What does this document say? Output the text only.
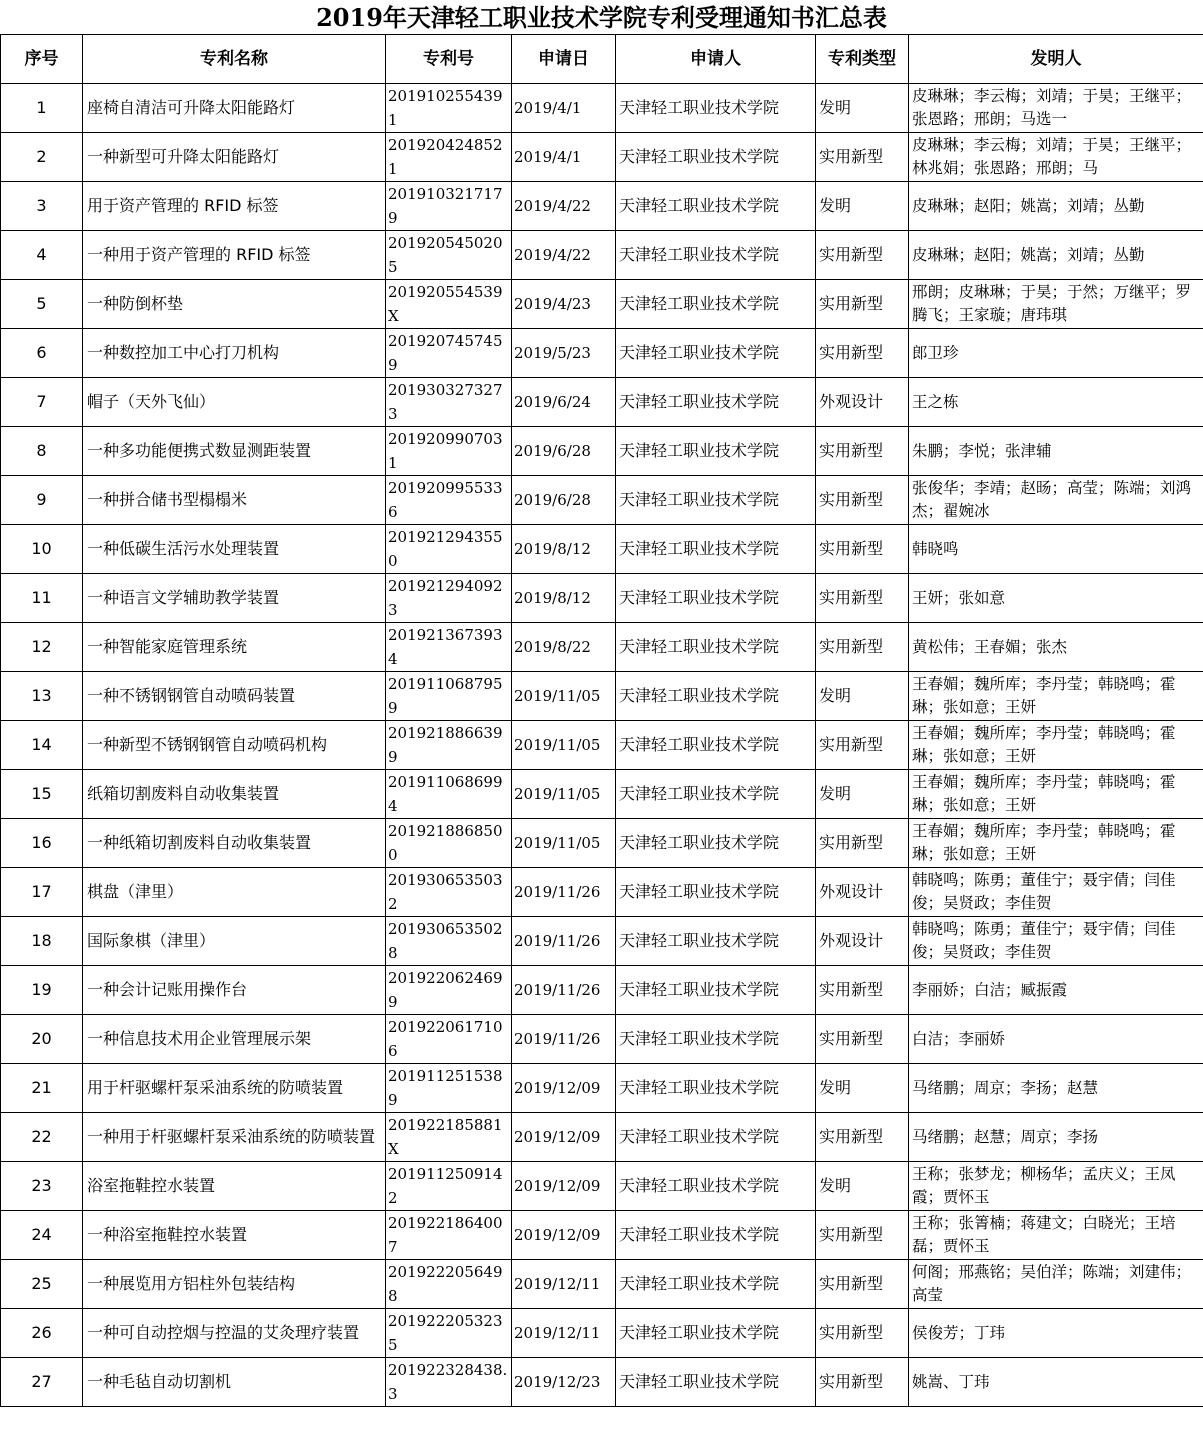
2019年天津轻工职业技术学院专利受理通知书汇总表
序号	专利名称	专利号	申请日	申请人	专利类型	发明人
1	座椅自清洁可升降太阳能路灯	2019102554391	2019/4/1	天津轻工职业技术学院	发明	皮琳琳；李云梅；刘靖；于昊；王继平；张恩路；邢朗；马选一
2	一种新型可升降太阳能路灯	2019204248521	2019/4/1	天津轻工职业技术学院	实用新型	皮琳琳；李云梅；刘靖；于昊；王继平；林兆娟；张恩路；邢朗；马
3	用于资产管理的 RFID 标签	2019103217179	2019/4/22	天津轻工职业技术学院	发明	皮琳琳；赵阳；姚嵩；刘靖；丛勤
4	一种用于资产管理的 RFID 标签	2019205450205	2019/4/22	天津轻工职业技术学院	实用新型	皮琳琳；赵阳；姚嵩；刘靖；丛勤
5	一种防倒杯垫	201920554539X	2019/4/23	天津轻工职业技术学院	实用新型	邢朗；皮琳琳；于昊；于然；万继平；罗腾飞；王家璇；唐玮琪
6	一种数控加工中心打刀机构	2019207457459	2019/5/23	天津轻工职业技术学院	实用新型	郎卫珍
7	帽子（天外飞仙）	2019303273273	2019/6/24	天津轻工职业技术学院	外观设计	王之栋
8	一种多功能便携式数显测距装置	2019209907031	2019/6/28	天津轻工职业技术学院	实用新型	朱鹏；李悦；张津辅
9	一种拼合储书型榻榻米	2019209955336	2019/6/28	天津轻工职业技术学院	实用新型	张俊华；李靖；赵旸；高莹；陈端；刘鸿杰；翟婉冰
10	一种低碳生活污水处理装置	2019212943550	2019/8/12	天津轻工职业技术学院	实用新型	韩晓鸣
11	一种语言文学辅助教学装置	2019212940923	2019/8/12	天津轻工职业技术学院	实用新型	王妍；张如意
12	一种智能家庭管理系统	2019213673934	2019/8/22	天津轻工职业技术学院	实用新型	黄松伟；王春媚；张杰
13	一种不锈钢钢管自动喷码装置	2019110687959	2019/11/05	天津轻工职业技术学院	发明	王春媚；魏所库；李丹莹；韩晓鸣；霍琳；张如意；王妍
14	一种新型不锈钢钢管自动喷码机构	2019218866399	2019/11/05	天津轻工职业技术学院	实用新型	王春媚；魏所库；李丹莹；韩晓鸣；霍琳；张如意；王妍
15	纸箱切割废料自动收集装置	2019110686994	2019/11/05	天津轻工职业技术学院	发明	王春媚；魏所库；李丹莹；韩晓鸣；霍琳；张如意；王妍
16	一种纸箱切割废料自动收集装置	2019218868500	2019/11/05	天津轻工职业技术学院	实用新型	王春媚；魏所库；李丹莹；韩晓鸣；霍琳；张如意；王妍
17	棋盘（津里）	2019306535032	2019/11/26	天津轻工职业技术学院	外观设计	韩晓鸣；陈勇；董佳宁；聂宇倩；闫佳俊；吴贤政；李佳贺
18	国际象棋（津里）	2019306535028	2019/11/26	天津轻工职业技术学院	外观设计	韩晓鸣；陈勇；董佳宁；聂宇倩；闫佳俊；吴贤政；李佳贺
19	一种会计记账用操作台	2019220624699	2019/11/26	天津轻工职业技术学院	实用新型	李丽娇；白洁；臧振霞
20	一种信息技术用企业管理展示架	2019220617106	2019/11/26	天津轻工职业技术学院	实用新型	白洁；李丽娇
21	用于杆驱螺杆泵采油系统的防喷装置	2019112515389	2019/12/09	天津轻工职业技术学院	发明	马绪鹏；周京；李扬；赵慧
22	一种用于杆驱螺杆泵采油系统的防喷装置	201922185881X	2019/12/09	天津轻工职业技术学院	实用新型	马绪鹏；赵慧；周京；李扬
23	浴室拖鞋控水装置	2019112509142	2019/12/09	天津轻工职业技术学院	发明	王称；张梦龙；柳杨华；孟庆义；王凤霞；贾怀玉
24	一种浴室拖鞋控水装置	2019221864007	2019/12/09	天津轻工职业技术学院	实用新型	王称；张箐楠；蒋建文；白晓光；王培磊；贾怀玉
25	一种展览用方铝柱外包装结构	2019222056498	2019/12/11	天津轻工职业技术学院	实用新型	何阁；邢燕铭；吴伯洋；陈端；刘建伟；高莹
26	一种可自动控烟与控温的艾灸理疗装置	2019222053235	2019/12/11	天津轻工职业技术学院	实用新型	侯俊芳；丁玮
27	一种毛毡自动切割机	201922328438.3	2019/12/23	天津轻工职业技术学院	实用新型	姚嵩、丁玮
